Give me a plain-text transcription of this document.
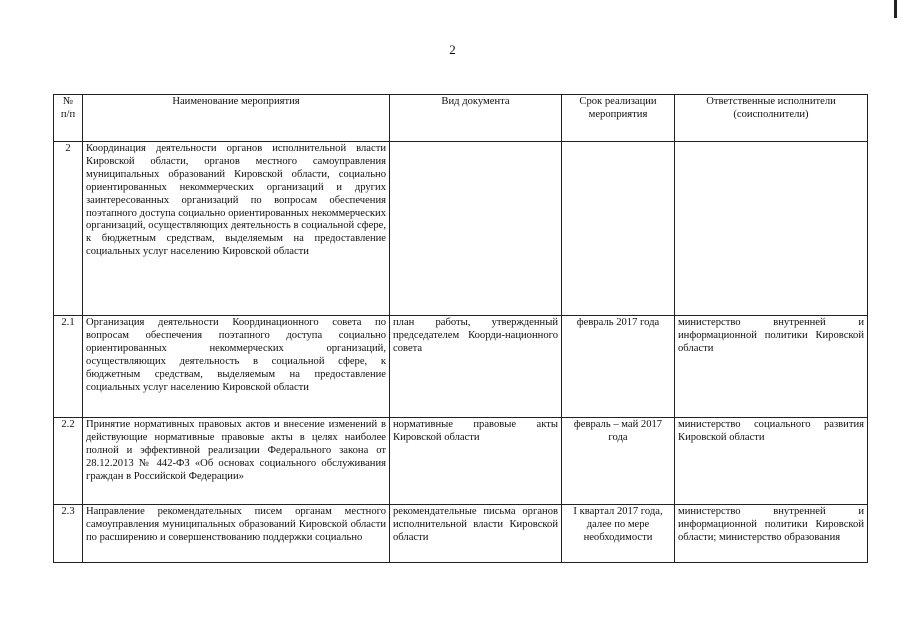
2
№
п/п	Наименование мероприятия	Вид документа	Срок реализации мероприятия	Ответственные исполнители (соисполнители)
2	Координация деятельности органов исполнительной власти Кировской области, органов местного самоуправления муниципальных образований Кировской области, социально ориентированных некоммерческих организаций и других заинтересованных организаций по вопросам обеспечения поэтапного доступа социально ориентированных некоммерческих организаций, осуществляющих деятельность в социальной сфере, к бюджетным средствам, выделяемым на предоставление социальных услуг населению Кировской области			
2.1	Организация деятельности Координационного совета по вопросам обеспечения поэтапного доступа социально ориентированных некоммерческих организаций, осуществляющих деятельность в социальной сфере, к бюджетным средствам, выделяемым на предоставление социальных услуг населению Кировской области	план работы, утвержденный председателем Коорди-национного совета	февраль 2017 года	министерство внутренней и информационной политики Кировской области
2.2	Принятие нормативных правовых актов и внесение изменений в действующие нормативные правовые акты в целях наиболее полной и эффективной реализации Федерального закона от 28.12.2013 № 442-ФЗ «Об основах социального обслуживания граждан в Российской Федерации»	нормативные правовые акты Кировской области	февраль – май 2017 года	министерство социального развития Кировской области
2.3	Направление рекомендательных писем органам местного самоуправления муниципальных образований Кировской области по расширению и совершенствованию поддержки социально	рекомендательные письма органов исполнительной власти Кировской области	I квартал 2017 года, далее по мере необходимости	министерство внутренней и информационной политики Кировской области; министерство образования
